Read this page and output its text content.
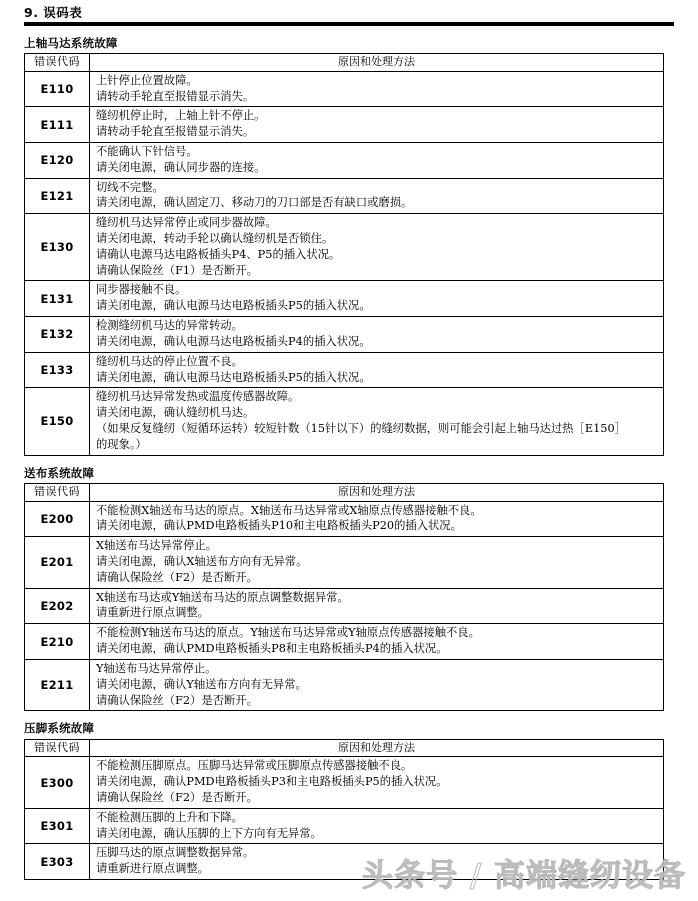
9. 误码表
上轴马达系统故障
错误代码	原因和处理方法
E110	上针停止位置故障。
请转动手轮直至报错显示消失。

E111	缝纫机停止时，上轴上针不停止。
请转动手轮直至报错显示消失。

E120	不能确认下针信号。
请关闭电源，确认同步器的连接。

E121	切线不完整。
请关闭电源，确认固定刀、移动刀的刀口部是否有缺口或磨损。

E130	缝纫机马达异常停止或同步器故障。
请关闭电源，转动手轮以确认缝纫机是否锁住。
请确认电源马达电路板插头P4、P5的插入状况。
请确认保险丝（F1）是否断开。

E131	同步器接触不良。
请关闭电源，确认电源马达电路板插头P5的插入状况。

E132	检测缝纫机马达的异常转动。
请关闭电源，确认电源马达电路板插头P4的插入状况。

E133	缝纫机马达的停止位置不良。
请关闭电源，确认电源马达电路板插头P5的插入状况。

E150	缝纫机马达异常发热或温度传感器故障。
请关闭电源，确认缝纫机马达。
（如果反复缝纫（短循环运转）较短针数（15针以下）的缝纫数据，则可能会引起上轴马达过热［E150］
的现象。）
送布系统故障
错误代码	原因和处理方法
E200	不能检测X轴送布马达的原点。X轴送布马达异常或X轴原点传感器接触不良。
请关闭电源，确认PMD电路板插头P10和主电路板插头P20的插入状况。

E201	X轴送布马达异常停止。
请关闭电源，确认X轴送布方向有无异常。
请确认保险丝（F2）是否断开。

E202	X轴送布马达或Y轴送布马达的原点调整数据异常。
请重新进行原点调整。

E210	不能检测Y轴送布马达的原点。Y轴送布马达异常或Y轴原点传感器接触不良。
请关闭电源，确认PMD电路板插头P8和主电路板插头P4的插入状况。

E211	Y轴送布马达异常停止。
请关闭电源，确认Y轴送布方向有无异常。
请确认保险丝（F2）是否断开。
压脚系统故障
错误代码	原因和处理方法
E300	不能检测压脚原点。压脚马达异常或压脚原点传感器接触不良。
请关闭电源，确认PMD电路板插头P3和主电路板插头P5的插入状况。
请确认保险丝（F2）是否断开。

E301	不能检测压脚的上升和下降。
请关闭电源，确认压脚的上下方向有无异常。

E303	压脚马达的原点调整数据异常。
请重新进行原点调整。	头条号 / 高端缝纫设备
